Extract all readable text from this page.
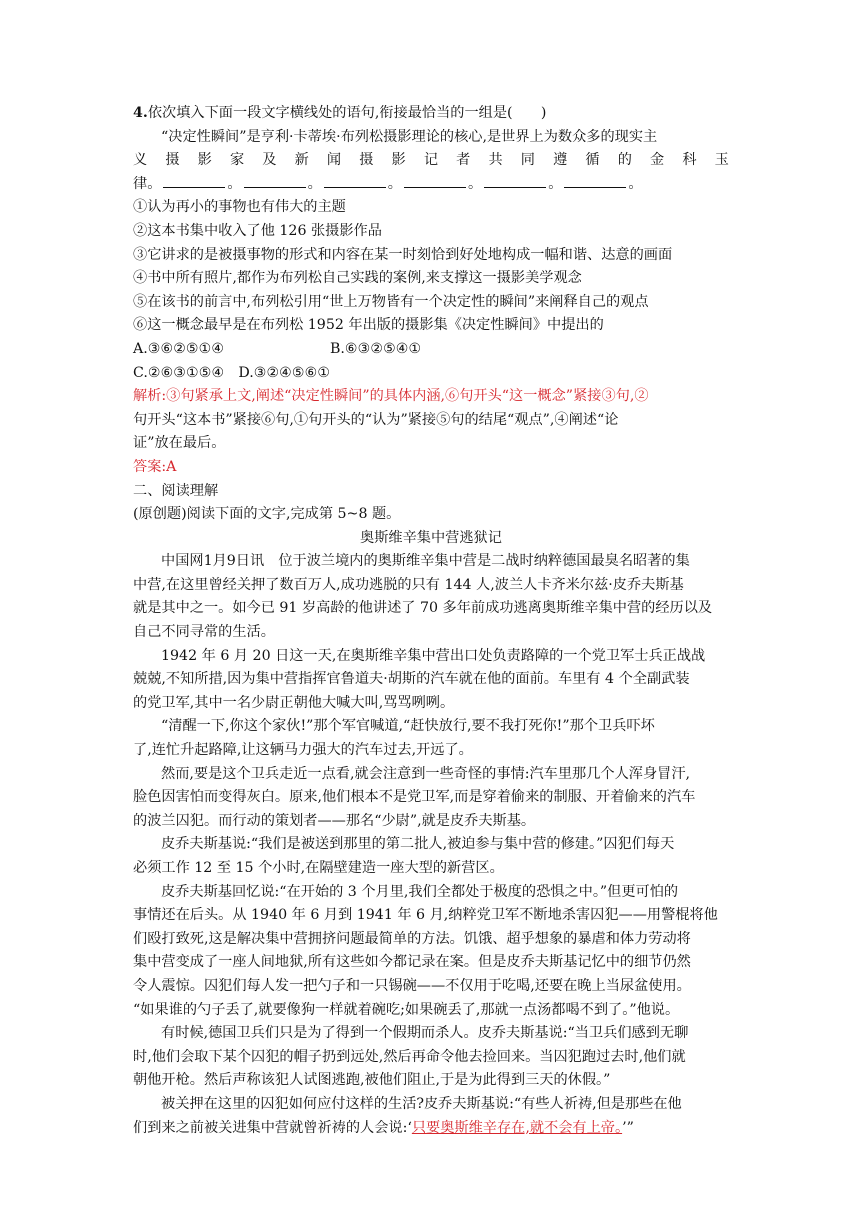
4.依次填入下面一段文字横线处的语句,衔接最恰当的一组是(　　)
“决定性瞬间”是亨利·卡蒂埃·布列松摄影理论的核心,是世界上为数众多的现实主
义 摄 影 家 及 新 闻 摄 影 记 者 共 同 遵 循 的 金 科 玉
律。	。	。	。	。	。	。
①认为再小的事物也有伟大的主题
②这本书集中收入了他 126 张摄影作品
③它讲求的是被摄事物的形式和内容在某一时刻恰到好处地构成一幅和谐、达意的画面
④书中所有照片,都作为布列松自己实践的案例,来支撑这一摄影美学观念
⑤在该书的前言中,布列松引用“世上万物皆有一个决定性的瞬间”来阐释自己的观点
⑥这一概念最早是在布列松 1952 年出版的摄影集《决定性瞬间》中提出的
A.③⑥②⑤①④	B.⑥③②⑤④①
C.②⑥③①⑤④　D.③②④⑤⑥①
解析:③句紧承上文,阐述“决定性瞬间”的具体内涵,⑥句开头“这一概念”紧接③句,②
句开头“这本书”紧接⑥句,①句开头的“认为”紧接⑤句的结尾“观点”,④阐述“论
证”放在最后。
答案:A
二、阅读理解
(原创题)阅读下面的文字,完成第 5~8 题。
奥斯维辛集中营逃狱记
中国网1月9日讯　位于波兰境内的奥斯维辛集中营是二战时纳粹德国最臭名昭著的集
中营,在这里曾经关押了数百万人,成功逃脱的只有 144 人,波兰人卡齐米尔兹·皮乔夫斯基
就是其中之一。如今已 91 岁高龄的他讲述了 70 多年前成功逃离奥斯维辛集中营的经历以及
自己不同寻常的生活。
1942 年 6 月 20 日这一天,在奥斯维辛集中营出口处负责路障的一个党卫军士兵正战战
兢兢,不知所措,因为集中营指挥官鲁道夫·胡斯的汽车就在他的面前。车里有 4 个全副武装
的党卫军,其中一名少尉正朝他大喊大叫,骂骂咧咧。
“清醒一下,你这个家伙!”那个军官喊道,“赶快放行,要不我打死你!”那个卫兵吓坏
了,连忙升起路障,让这辆马力强大的汽车过去,开远了。
然而,要是这个卫兵走近一点看,就会注意到一些奇怪的事情:汽车里那几个人浑身冒汗,
脸色因害怕而变得灰白。原来,他们根本不是党卫军,而是穿着偷来的制服、开着偷来的汽车
的波兰囚犯。而行动的策划者——那名“少尉”,就是皮乔夫斯基。
皮乔夫斯基说:“我们是被送到那里的第二批人,被迫参与集中营的修建。”囚犯们每天
必须工作 12 至 15 个小时,在隔壁建造一座大型的新营区。
皮乔夫斯基回忆说:“在开始的 3 个月里,我们全都处于极度的恐惧之中。”但更可怕的
事情还在后头。从 1940 年 6 月到 1941 年 6 月,纳粹党卫军不断地杀害囚犯——用警棍将他
们殴打致死,这是解决集中营拥挤问题最简单的方法。饥饿、超乎想象的暴虐和体力劳动将
集中营变成了一座人间地狱,所有这些如今都记录在案。但是皮乔夫斯基记忆中的细节仍然
令人震惊。囚犯们每人发一把勺子和一只锡碗——不仅用于吃喝,还要在晚上当尿盆使用。
“如果谁的勺子丢了,就要像狗一样就着碗吃;如果碗丢了,那就一点汤都喝不到了。”他说。
有时候,德国卫兵们只是为了得到一个假期而杀人。皮乔夫斯基说:“当卫兵们感到无聊
时,他们会取下某个囚犯的帽子扔到远处,然后再命令他去捡回来。当囚犯跑过去时,他们就
朝他开枪。然后声称该犯人试图逃跑,被他们阻止,于是为此得到三天的休假。”
被关押在这里的囚犯如何应付这样的生活?皮乔夫斯基说:“有些人祈祷,但是那些在他
们到来之前被关进集中营就曾祈祷的人会说:‘只要奥斯维辛存在,就不会有上帝。’”
